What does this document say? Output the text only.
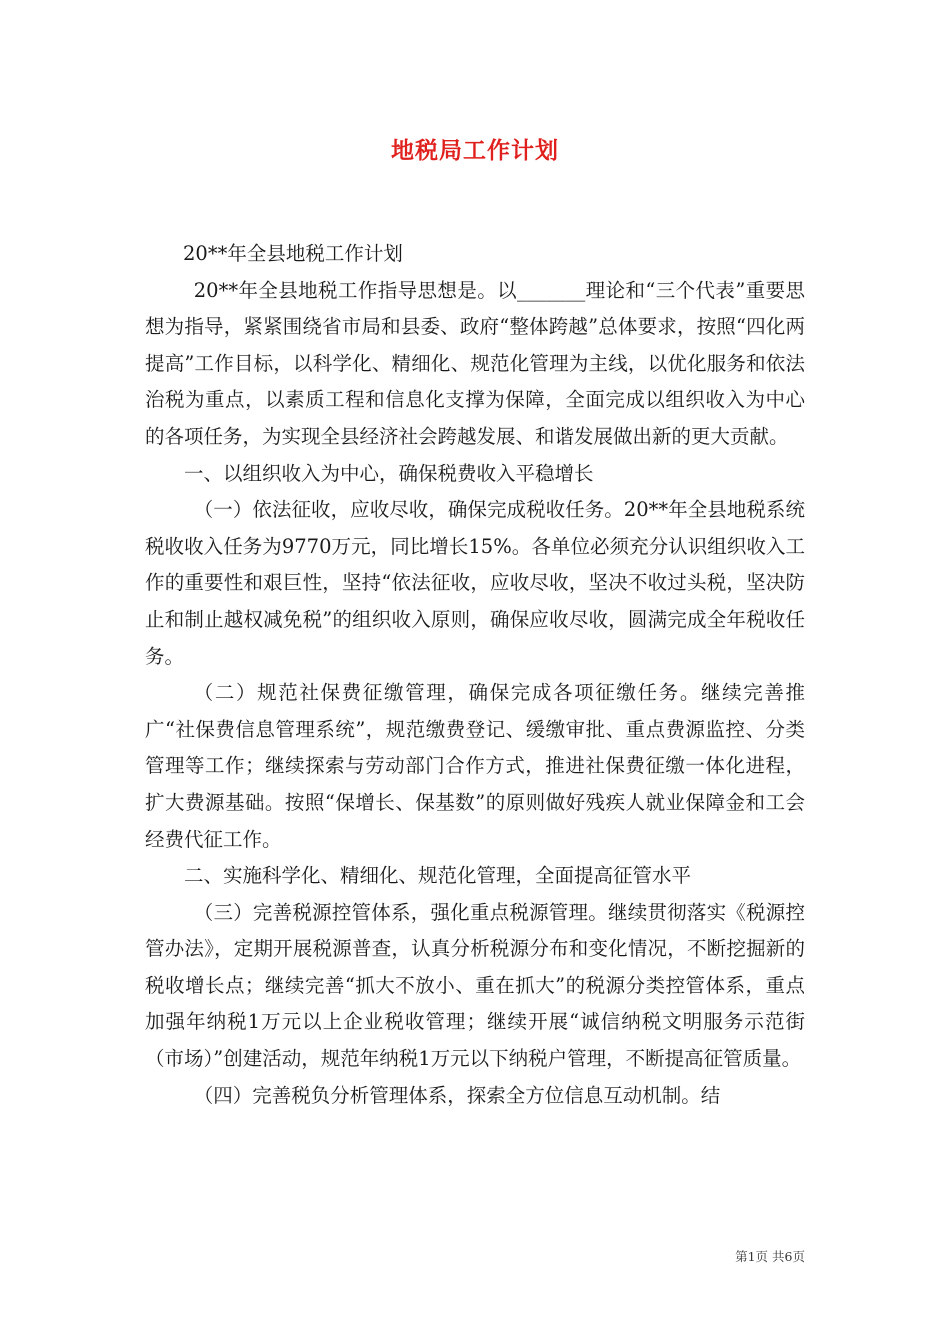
地税局工作计划

20**年全县地税工作计划

20**年全县地税工作指导思想是。以_______理论和“三个代表”重要思想为指导，紧紧围绕省市局和县委、政府“整体跨越”总体要求，按照“四化两提高”工作目标，以科学化、精细化、规范化管理为主线，以优化服务和依法治税为重点，以素质工程和信息化支撑为保障，全面完成以组织收入为中心的各项任务，为实现全县经济社会跨越发展、和谐发展做出新的更大贡献。

一、以组织收入为中心，确保税费收入平稳增长

（一）依法征收，应收尽收，确保完成税收任务。20**年全县地税系统税收收入任务为9770万元，同比增长15%。各单位必须充分认识组织收入工作的重要性和艰巨性，坚持“依法征收，应收尽收，坚决不收过头税，坚决防止和制止越权减免税”的组织收入原则，确保应收尽收，圆满完成全年税收任务。

（二）规范社保费征缴管理，确保完成各项征缴任务。继续完善推广“社保费信息管理系统”，规范缴费登记、缓缴审批、重点费源监控、分类管理等工作；继续探索与劳动部门合作方式，推进社保费征缴一体化进程，扩大费源基础。按照“保增长、保基数”的原则做好残疾人就业保障金和工会经费代征工作。

二、实施科学化、精细化、规范化管理，全面提高征管水平

（三）完善税源控管体系，强化重点税源管理。继续贯彻落实《税源控管办法》，定期开展税源普查，认真分析税源分布和变化情况，不断挖掘新的税收增长点；继续完善“抓大不放小、重在抓大”的税源分类控管体系，重点加强年纳税1万元以上企业税收管理；继续开展“诚信纳税文明服务示范街（市场）”创建活动，规范年纳税1万元以下纳税户管理，不断提高征管质量。

（四）完善税负分析管理体系，探索全方位信息互动机制。结

第1页 共6页
